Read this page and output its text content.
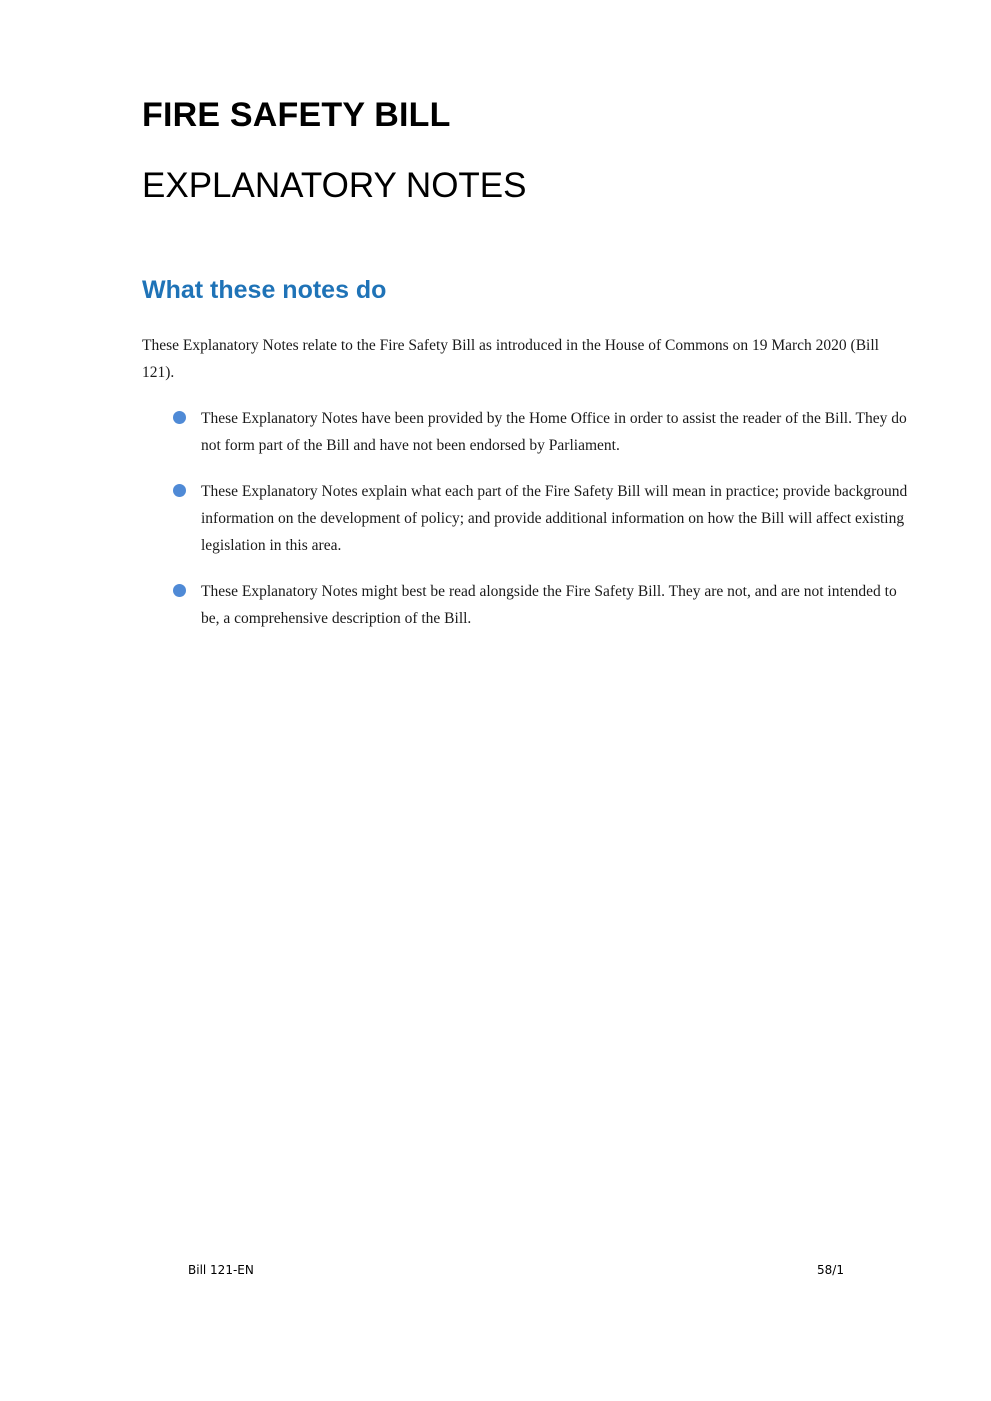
FIRE SAFETY BILL
EXPLANATORY NOTES
What these notes do

These Explanatory Notes relate to the Fire Safety Bill as introduced in the House of Commons on 19 March 2020 (Bill 121).

These Explanatory Notes have been provided by the Home Office in order to assist the reader of the Bill. They do not form part of the Bill and have not been endorsed by Parliament.
These Explanatory Notes explain what each part of the Fire Safety Bill will mean in practice; provide background information on the development of policy; and provide additional information on how the Bill will affect existing legislation in this area.
These Explanatory Notes might best be read alongside the Fire Safety Bill. They are not, and are not intended to be, a comprehensive description of the Bill.

Bill 121-EN	58/1
